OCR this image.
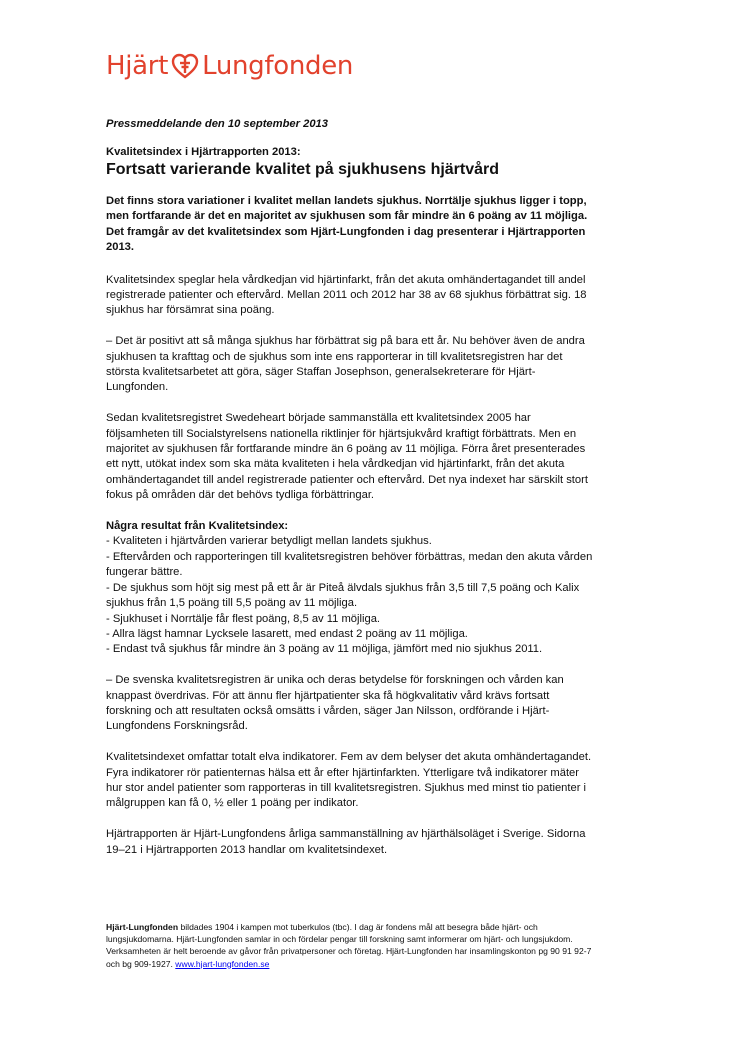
Hjärt Lungfonden
Pressmeddelande den 10 september 2013
Kvalitetsindex i Hjärtrapporten 2013:
Fortsatt varierande kvalitet på sjukhusens hjärtvård

Det finns stora variationer i kvalitet mellan landets sjukhus. Norrtälje sjukhus ligger i topp, men fortfarande är det en majoritet av sjukhusen som får mindre än 6 poäng av 11 möjliga. Det framgår av det kvalitetsindex som Hjärt-Lungfonden i dag presenterar i Hjärtrapporten 2013.

Kvalitetsindex speglar hela vårdkedjan vid hjärtinfarkt, från det akuta omhändertagandet till andel registrerade patienter och eftervård. Mellan 2011 och 2012 har 38 av 68 sjukhus förbättrat sig. 18 sjukhus har försämrat sina poäng.

– Det är positivt att så många sjukhus har förbättrat sig på bara ett år. Nu behöver även de andra sjukhusen ta krafttag och de sjukhus som inte ens rapporterar in till kvalitetsregistren har det största kvalitetsarbetet att göra, säger Staffan Josephson, generalsekreterare för Hjärt-Lungfonden.

Sedan kvalitetsregistret Swedeheart började sammanställa ett kvalitetsindex 2005 har följsamheten till Socialstyrelsens nationella riktlinjer för hjärtsjukvård kraftigt förbättrats. Men en majoritet av sjukhusen får fortfarande mindre än 6 poäng av 11 möjliga. Förra året presenterades ett nytt, utökat index som ska mäta kvaliteten i hela vårdkedjan vid hjärtinfarkt, från det akuta omhändertagandet till andel registrerade patienter och eftervård. Det nya indexet har särskilt stort fokus på områden där det behövs tydliga förbättringar.

Några resultat från Kvalitetsindex:
- Kvaliteten i hjärtvården varierar betydligt mellan landets sjukhus.
- Eftervården och rapporteringen till kvalitetsregistren behöver förbättras, medan den akuta vården fungerar bättre.
- De sjukhus som höjt sig mest på ett år är Piteå älvdals sjukhus från 3,5 till 7,5 poäng och Kalix sjukhus från 1,5 poäng till 5,5 poäng av 11 möjliga.
- Sjukhuset i Norrtälje får flest poäng, 8,5 av 11 möjliga.
- Allra lägst hamnar Lycksele lasarett, med endast 2 poäng av 11 möjliga.
- Endast två sjukhus får mindre än 3 poäng av 11 möjliga, jämfört med nio sjukhus 2011.

– De svenska kvalitetsregistren är unika och deras betydelse för forskningen och vården kan knappast överdrivas. För att ännu fler hjärtpatienter ska få högkvalitativ vård krävs fortsatt forskning och att resultaten också omsätts i vården, säger Jan Nilsson, ordförande i Hjärt-Lungfondens Forskningsråd.

Kvalitetsindexet omfattar totalt elva indikatorer. Fem av dem belyser det akuta omhändertagandet. Fyra indikatorer rör patienternas hälsa ett år efter hjärtinfarkten. Ytterligare två indikatorer mäter hur stor andel patienter som rapporteras in till kvalitetsregistren. Sjukhus med minst tio patienter i målgruppen kan få 0, ½ eller 1 poäng per indikator.

Hjärtrapporten är Hjärt-Lungfondens årliga sammanställning av hjärthälsoläget i Sverige. Sidorna 19–21 i Hjärtrapporten 2013 handlar om kvalitetsindexet.

Hjärt-Lungfonden bildades 1904 i kampen mot tuberkulos (tbc). I dag är fondens mål att besegra både hjärt- och lungsjukdomarna. Hjärt-Lungfonden samlar in och fördelar pengar till forskning samt informerar om hjärt- och lungsjukdom. Verksamheten är helt beroende av gåvor från privatpersoner och företag. Hjärt-Lungfonden har insamlingskonton pg 90 91 92-7 och bg 909-1927. www.hjart-lungfonden.se
